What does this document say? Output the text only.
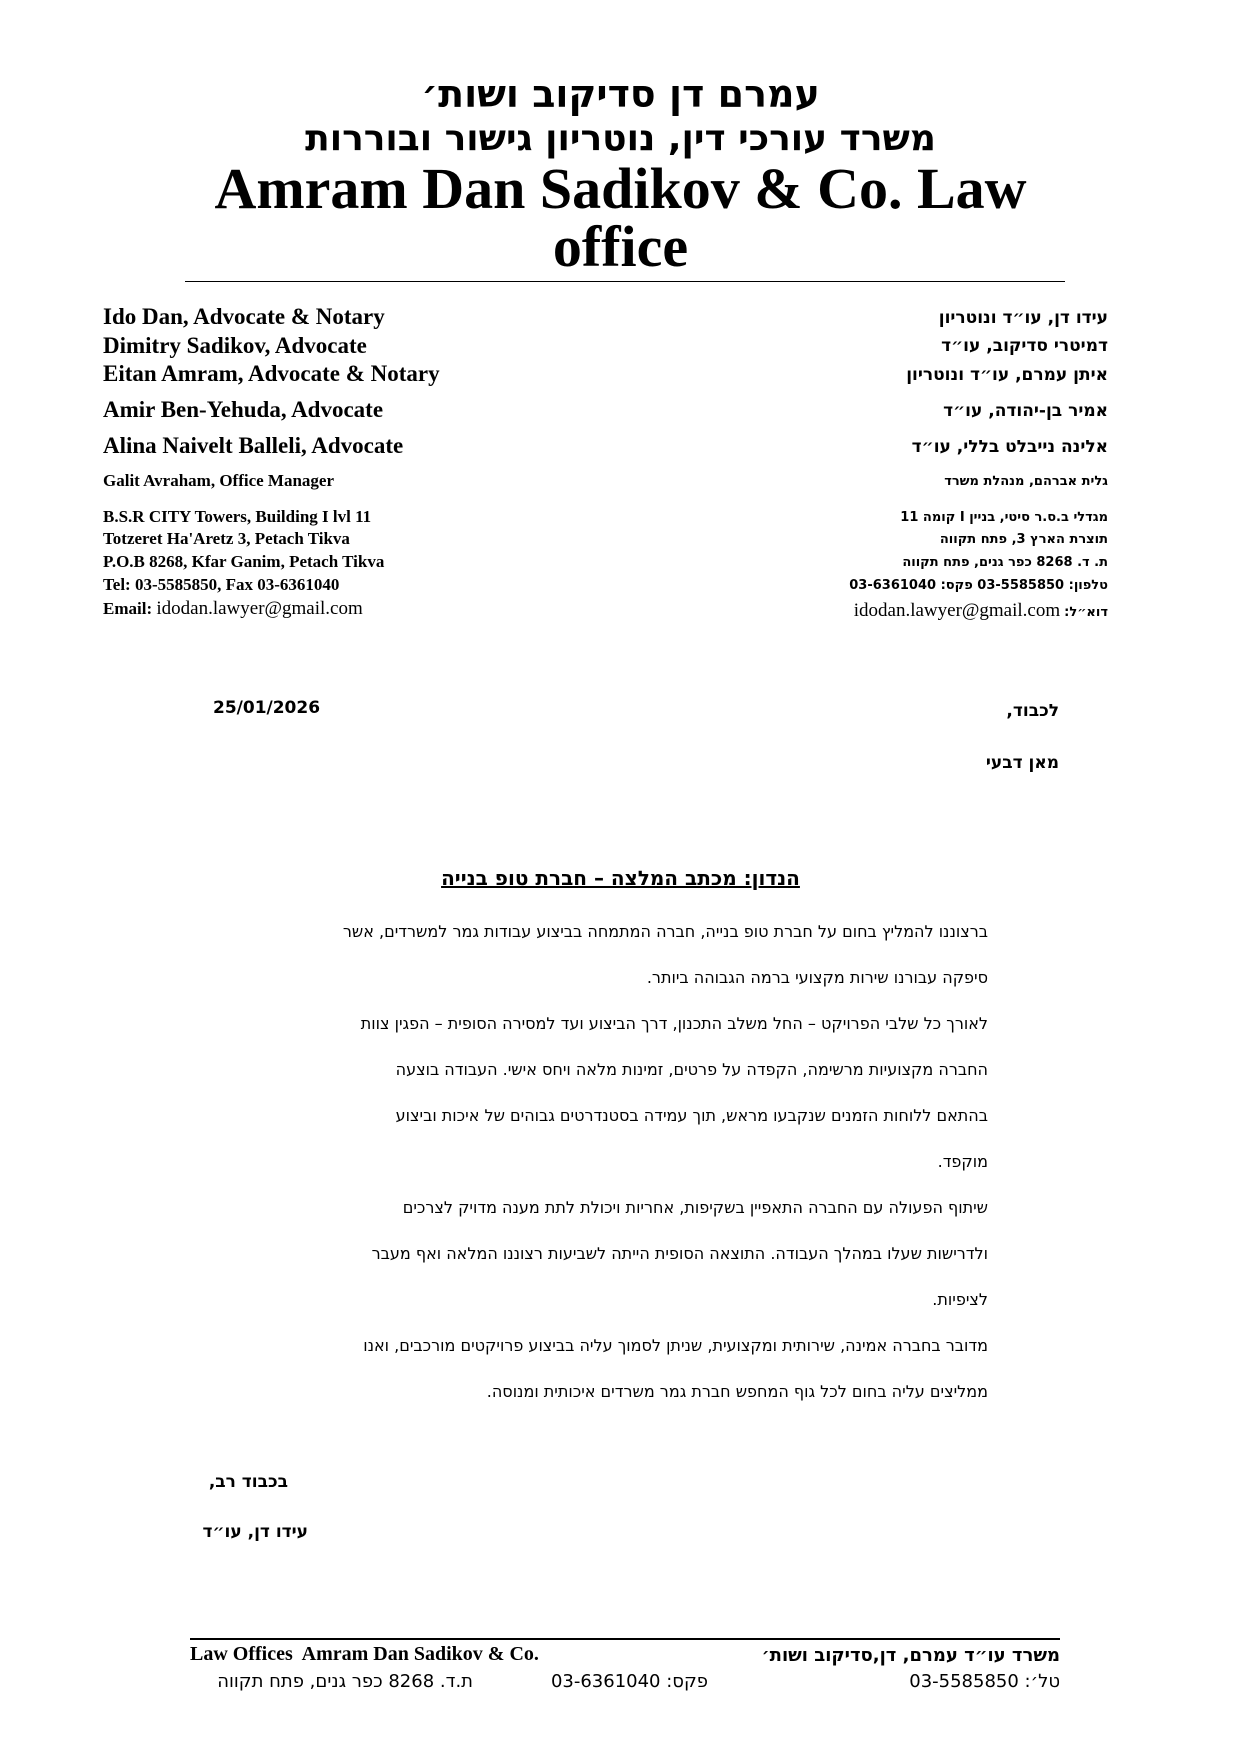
עמרם דן סדיקוב ושות׳
משרד עורכי דין, נוטריון גישור ובוררות
Amram Dan Sadikov & Co. Law
office
Ido Dan, Advocate & Notary
Dimitry Sadikov, Advocate
Eitan Amram, Advocate & Notary
Amir Ben-Yehuda, Advocate
Alina Naivelt Balleli, Advocate
Galit Avraham, Office Manager
עידו דן, עו״ד ונוטריון
דמיטרי סדיקוב, עו״ד
איתן עמרם, עו״ד ונוטריון
אמיר בן-יהודה, עו״ד
אלינה נייבלט בללי, עו״ד
גלית אברהם, מנהלת משרד
B.S.R CITY Towers, Building I lvl 11
Totzeret Ha'Aretz 3, Petach Tikva
P.O.B 8268, Kfar Ganim, Petach Tikva
Tel: 03-5585850, Fax 03-6361040
Email: idodan.lawyer@gmail.com
מגדלי ב.ס.ר סיטי, בניין I קומה 11
תוצרת הארץ 3, פתח תקווה
ת. ד. 8268 כפר גנים, פתח תקווה
טלפון: 03-5585850 פקס: 03-6361040
דוא״ל: idodan.lawyer@gmail.com
25/01/2026	לכבוד,
מאן דבעי
הנדון: מכתב המלצה – חברת טופ בנייה
ברצוננו להמליץ בחום על חברת טופ בנייה, חברה המתמחה בביצוע עבודות גמר למשרדים, אשר
סיפקה עבורנו שירות מקצועי ברמה הגבוהה ביותר.
לאורך כל שלבי הפרויקט – החל משלב התכנון, דרך הביצוע ועד למסירה הסופית – הפגין צוות
החברה מקצועיות מרשימה, הקפדה על פרטים, זמינות מלאה ויחס אישי. העבודה בוצעה
בהתאם ללוחות הזמנים שנקבעו מראש, תוך עמידה בסטנדרטים גבוהים של איכות וביצוע
מוקפד.
שיתוף הפעולה עם החברה התאפיין בשקיפות, אחריות ויכולת לתת מענה מדויק לצרכים
ולדרישות שעלו במהלך העבודה. התוצאה הסופית הייתה לשביעות רצוננו המלאה ואף מעבר
לציפיות.
מדובר בחברה אמינה, שירותית ומקצועית, שניתן לסמוך עליה בביצוע פרויקטים מורכבים, ואנו
ממליצים עליה בחום לכל גוף המחפש חברת גמר משרדים איכותית ומנוסה.
בכבוד רב,
עידו דן, עו״ד
Law Offices  Amram Dan Sadikov & Co.	משרד עו״ד עמרם, דן,סדיקוב ושות׳
טל׳: 03-5585850
פקס: 03-6361040
ת.ד. 8268 כפר גנים, פתח תקווה
